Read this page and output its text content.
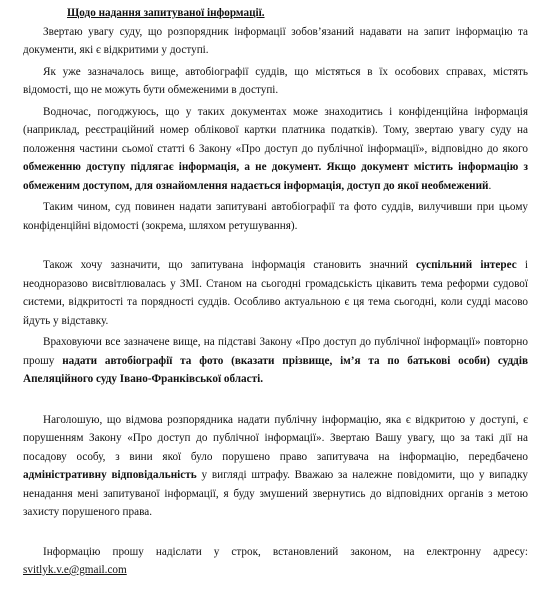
Щодо надання запитуваної інформації.

Звертаю увагу суду, що розпорядник інформації зобов’язаний надавати на запит інформацію та документи, які є відкритими у доступі.

Як уже зазначалось вище, автобіографії суддів, що містяться в їх особових справах, містять відомості, що не можуть бути обмеженими в доступі.

Водночас, погоджуюсь, що у таких документах може знаходитись і конфіденційна інформація (наприклад, реєстраційний номер облікової картки платника податків). Тому, звертаю увагу суду на положення частини сьомої статті 6 Закону «Про доступ до публічної інформації», відповідно до якого обмеженню доступу підлягає інформація, а не документ. Якщо документ містить інформацію з обмеженим доступом, для ознайомлення надається інформація, доступ до якої необмежений.

Таким чином, суд повинен надати запитувані автобіографії та фото суддів, вилучивши при цьому конфіденційні відомості (зокрема, шляхом ретушування).

Також хочу зазначити, що запитувана інформація становить значний суспільний інтерес і неодноразово висвітлювалась у ЗМІ. Станом на сьогодні громадськість цікавить тема реформи судової системи, відкритості та порядності суддів. Особливо актуальною є ця тема сьогодні, коли судді масово йдуть у відставку.

Враховуючи все зазначене вище, на підставі Закону «Про доступ до публічної інформації» повторно прошу надати автобіографії та фото (вказати прізвище, ім’я та по батькові особи) суддів Апеляційного суду Івано-Франківської області.

Наголошую, що відмова розпорядника надати публічну інформацію, яка є відкритою у доступі, є порушенням Закону «Про доступ до публічної інформації». Звертаю Вашу увагу, що за такі дії на посадову особу, з вини якої було порушено право запитувача на інформацію, передбачено адміністративну відповідальність у вигляді штрафу. Вважаю за належне повідомити, що у випадку ненадання мені запитуваної інформації, я буду змушений звернутись до відповідних органів з метою захисту порушеного права.

Інформацію прошу надіслати у строк, встановлений законом, на електронну адресу: svitlyk.v.e@gmail.com
